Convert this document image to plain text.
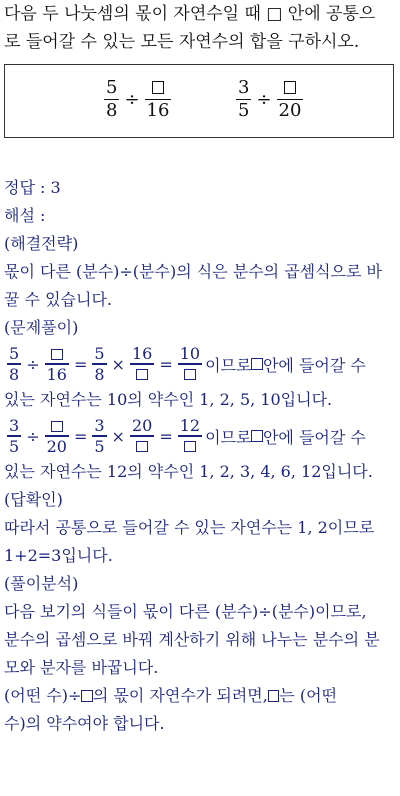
다음 두 나눗셈의 몫이 자연수일 때 □ 안에 공통으
로 들어갈 수 있는 모든 자연수의 합을 구하시오.
$\frac{5}{8}$ ÷
16	$\frac{3}{5}$ ÷
20
정답 : 3
해설 :
(해결전략)
몫이 다른 (분수)÷(분수)의 식은 분수의 곱셈식으로 바
꿀 수 있습니다.
(문제풀이)
$\frac{5}{8}$ ÷
16
= $\frac{5}{8}$ ×
16
=
10
이므로 안에 들어갈 수
있는 자연수는 10의 약수인 1, 2, 5, 10입니다.
$\frac{3}{5}$ ÷
20
= $\frac{3}{5}$ ×
20
=
12
이므로 안에 들어갈 수
있는 자연수는 12의 약수인 1, 2, 3, 4, 6, 12입니다.
(답확인)
따라서 공통으로 들어갈 수 있는 자연수는 1, 2이므로
1+2=3입니다.
(풀이분석)
다음 보기의 식들이 몫이 다른 (분수)÷(분수)이므로,
분수의 곱셈으로 바꿔 계산하기 위해 나누는 분수의 분
모와 분자를 바꿉니다.
(어떤 수)÷ 의 몫이 자연수가 되려면, 는 (어떤
수)의 약수여야 합니다.
